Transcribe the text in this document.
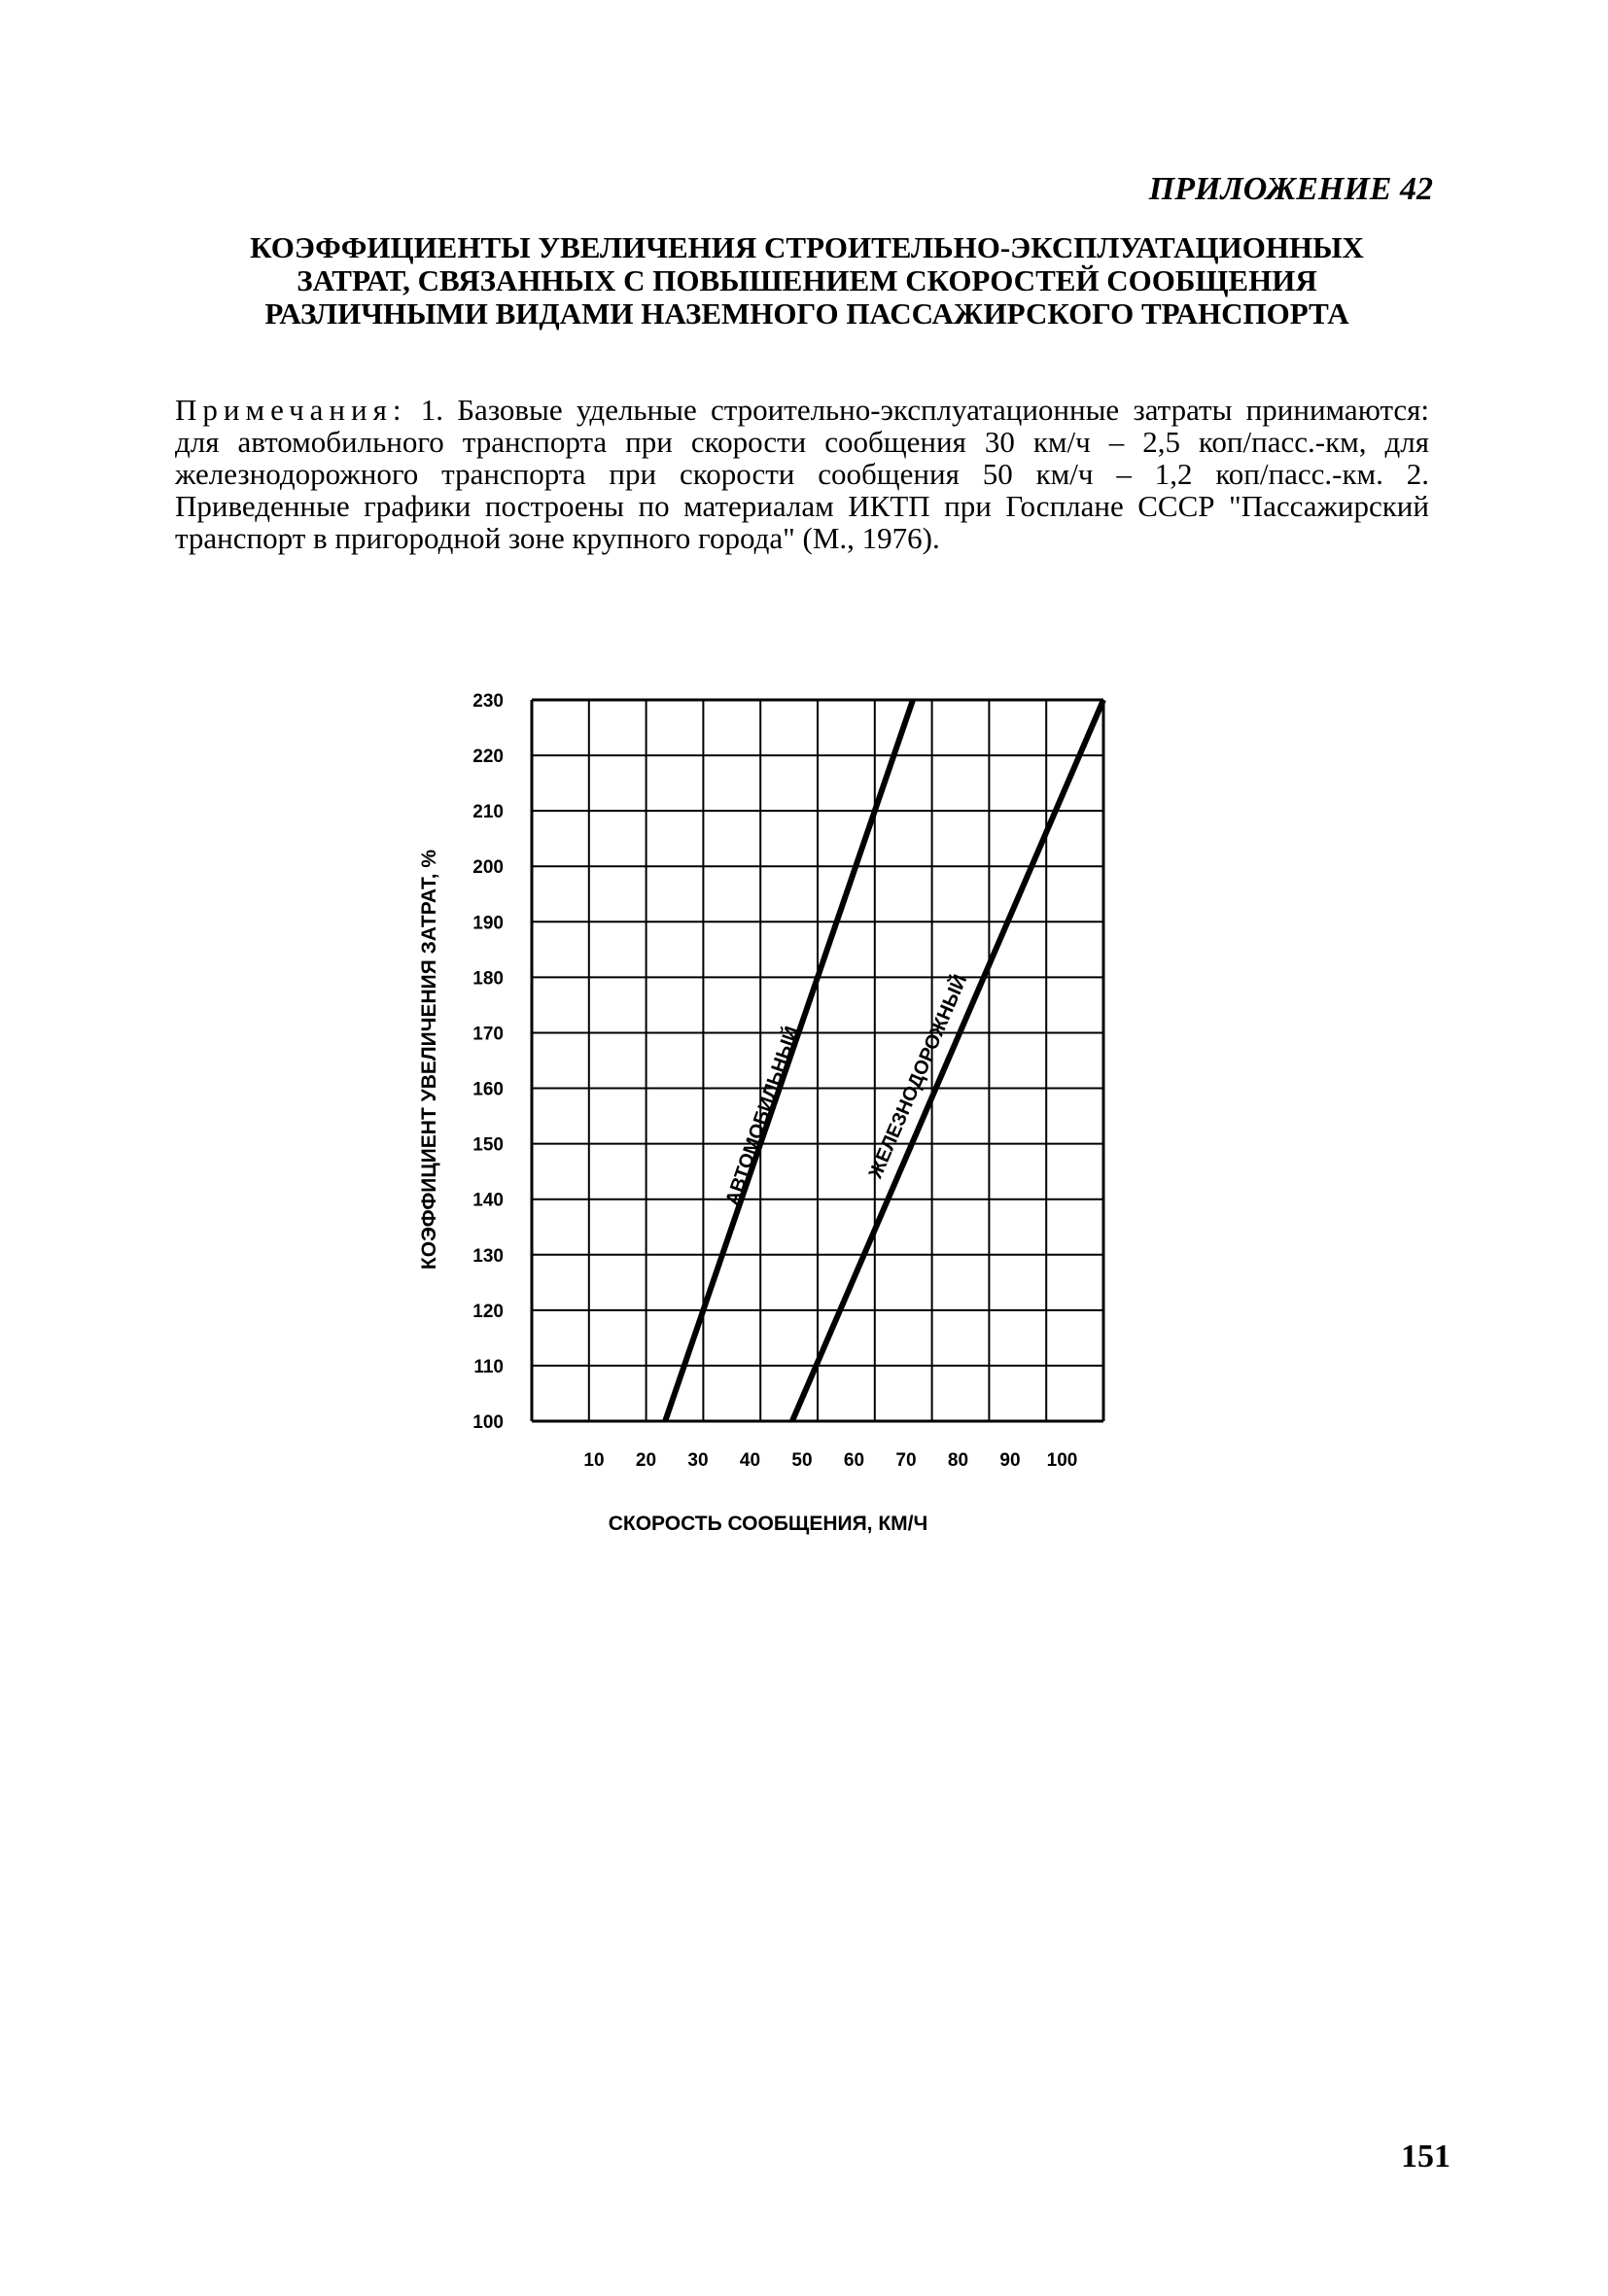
ПРИЛОЖЕНИЕ 42

КОЭФФИЦИЕНТЫ УВЕЛИЧЕНИЯ СТРОИТЕЛЬНО-ЭКСПЛУАТАЦИОННЫХ
ЗАТРАТ, СВЯЗАННЫХ С ПОВЫШЕНИЕМ СКОРОСТЕЙ СООБЩЕНИЯ
РАЗЛИЧНЫМИ ВИДАМИ НАЗЕМНОГО ПАССАЖИРСКОГО ТРАНСПОРТА

Примечания: 1. Базовые удельные строительно-эксплуатационные затраты принимаются: для автомобильного транспорта при скорости сообщения 30 км/ч – 2,5 коп/пасс.-км, для железнодорожного транспорта при скорости сообщения 50 км/ч – 1,2 коп/пасс.-км. 2. Приведенные графики построены по материалам ИКТП при Госплане СССР "Пассажирский транспорт в пригородной зоне крупного города" (М., 1976).

100
110
120
130
140
150
160
170
180
190
200
210
220
230
10 20 30 40 50 60 70 80 90 100
АВТОМОБИЛЬНЫЙ	ЖЕЛЕЗНОДОРОЖНЫЙ
СКОРОСТЬ СООБЩЕНИЯ, КМ/Ч
КОЭФФИЦИЕНТ УВЕЛИЧЕНИЯ ЗАТРАТ, %

151
